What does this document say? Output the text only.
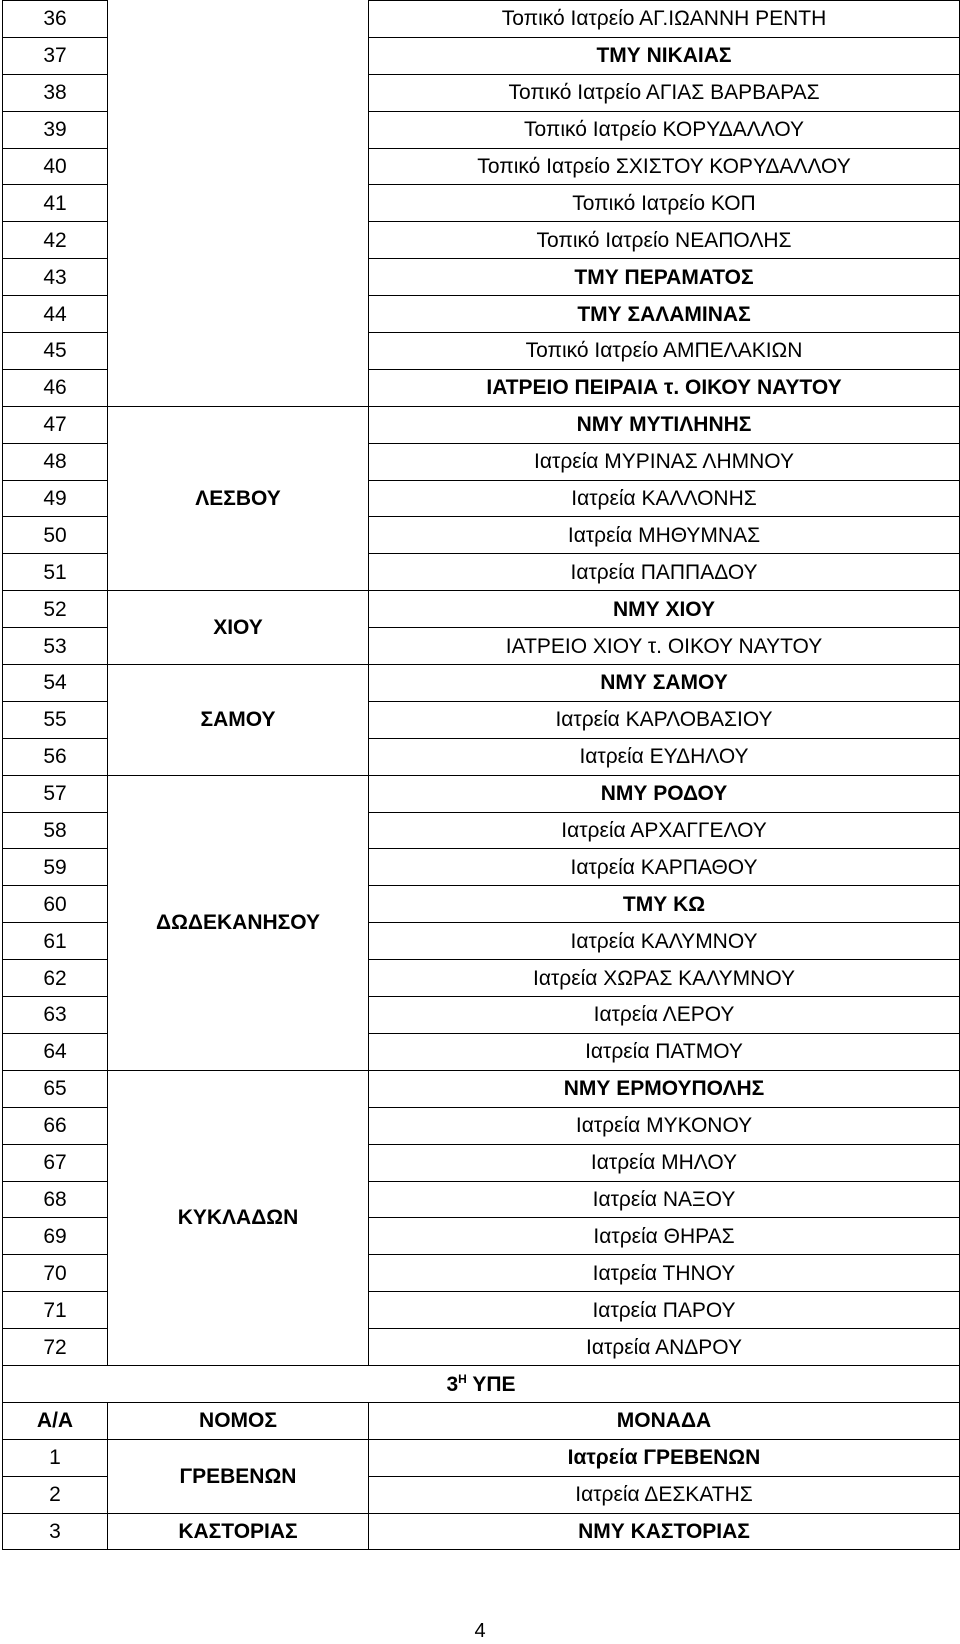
36		Τοπικό Ιατρείο ΑΓ.ΙΩΑΝΝΗ ΡΕΝΤΗ
37		ΤΜΥ ΝΙΚΑΙΑΣ
38		Τοπικό Ιατρείο ΑΓΙΑΣ ΒΑΡΒΑΡΑΣ
39		Τοπικό Ιατρείο ΚΟΡΥΔΑΛΛΟΥ
40		Τοπικό Ιατρείο ΣΧΙΣΤΟΥ ΚΟΡΥΔΑΛΛΟΥ
41		Τοπικό Ιατρείο ΚΟΠ
42		Τοπικό Ιατρείο ΝΕΑΠΟΛΗΣ
43		ΤΜΥ ΠΕΡΑΜΑΤΟΣ
44		ΤΜΥ ΣΑΛΑΜΙΝΑΣ
45		Τοπικό Ιατρείο ΑΜΠΕΛΑΚΙΩΝ
46		ΙΑΤΡΕΙΟ ΠΕΙΡΑΙΑ τ. ΟΙΚΟΥ ΝΑΥΤΟΥ
47	ΛΕΣΒΟΥ	ΝΜΥ ΜΥΤΙΛΗΝΗΣ
48		Ιατρεία ΜΥΡΙΝΑΣ ΛΗΜΝΟΥ
49		Ιατρεία ΚΑΛΛΟΝΗΣ
50		Ιατρεία ΜΗΘΥΜΝΑΣ
51		Ιατρεία ΠΑΠΠΑΔΟΥ
52	ΧΙΟΥ	ΝΜΥ ΧΙΟΥ
53		ΙΑΤΡΕΙΟ ΧΙΟΥ τ. ΟΙΚΟΥ ΝΑΥΤΟΥ
54	ΣΑΜΟΥ	ΝΜΥ ΣΑΜΟΥ
55		Ιατρεία ΚΑΡΛΟΒΑΣΙΟΥ
56		Ιατρεία ΕΥΔΗΛΟΥ
57	ΔΩΔΕΚΑΝΗΣΟΥ	ΝΜΥ ΡΟΔΟΥ
58		Ιατρεία ΑΡΧΑΓΓΕΛΟΥ
59		Ιατρεία ΚΑΡΠΑΘΟΥ
60		ΤΜΥ ΚΩ
61		Ιατρεία ΚΑΛΥΜΝΟΥ
62		Ιατρεία ΧΩΡΑΣ ΚΑΛΥΜΝΟΥ
63		Ιατρεία ΛΕΡΟΥ
64		Ιατρεία ΠΑΤΜΟΥ
65	ΚΥΚΛΑΔΩΝ	ΝΜΥ ΕΡΜΟΥΠΟΛΗΣ
66		Ιατρεία ΜΥΚΟΝΟΥ
67		Ιατρεία ΜΗΛΟΥ
68		Ιατρεία ΝΑΞΟΥ
69		Ιατρεία ΘΗΡΑΣ
70		Ιατρεία ΤΗΝΟΥ
71		Ιατρεία ΠΑΡΟΥ
72		Ιατρεία ΑΝΔΡΟΥ
$3^H$ ΥΠΕ		
Α/Α	ΝΟΜΟΣ	ΜΟΝΑΔΑ
1	ΓΡΕΒΕΝΩΝ	Ιατρεία ΓΡΕΒΕΝΩΝ
2		Ιατρεία ΔΕΣΚΑΤΗΣ
3	ΚΑΣΤΟΡΙΑΣ	ΝΜΥ ΚΑΣΤΟΡΙΑΣ
4
